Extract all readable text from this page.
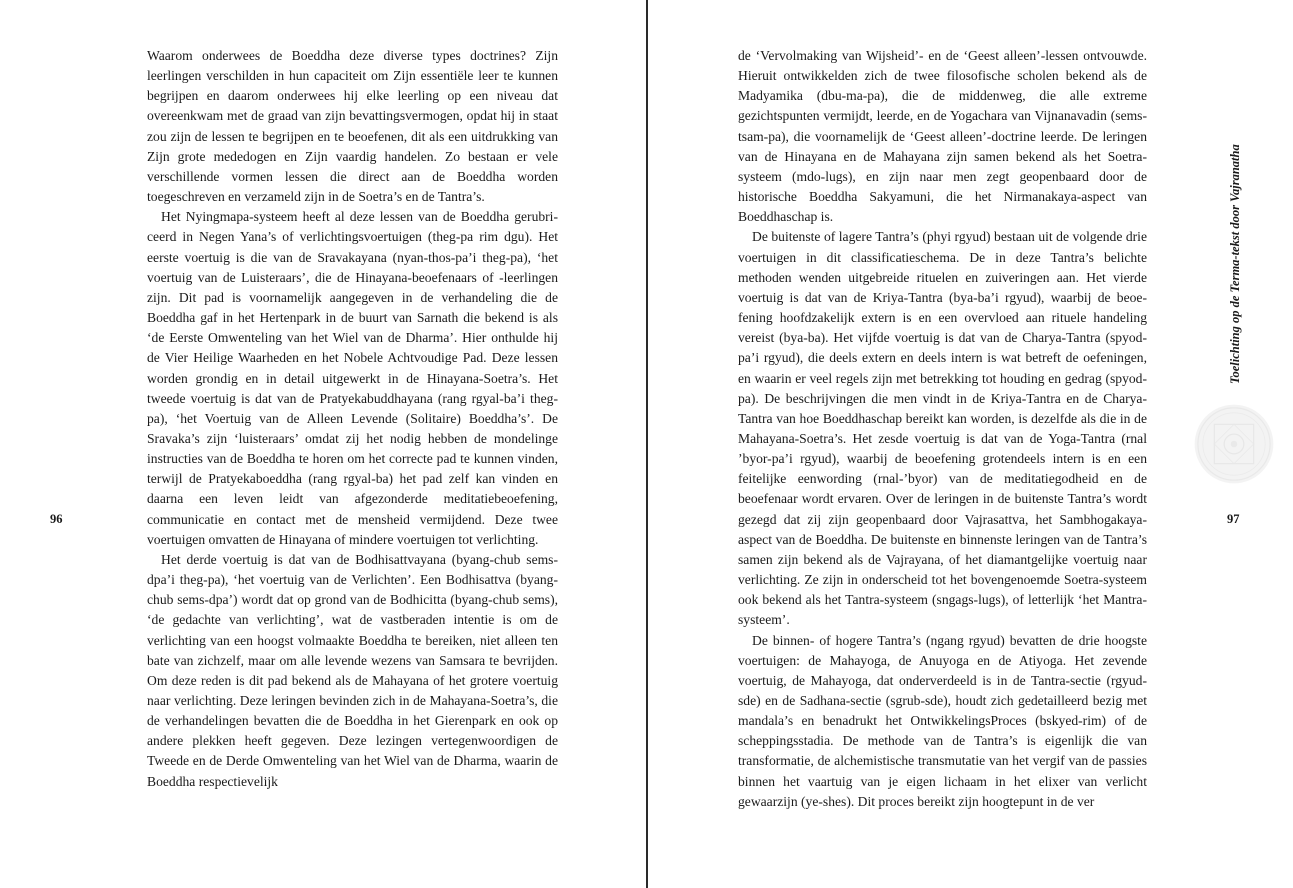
Waarom onderwees de Boeddha deze diverse types doctrines? Zijn leerlingen verschilden in hun capaciteit om Zijn essentiële leer te kunnen begrijpen en daarom onderwees hij elke leerling op een niveau dat overeenkwam met de graad van zijn bevattingsvermogen, opdat hij in staat zou zijn de lessen te begrijpen en te beoefenen, dit als een uitdrukking van Zijn grote mededogen en Zijn vaardig handelen. Zo bestaan er vele verschillende vormen lessen die direct aan de Boeddha worden toegeschreven en verzameld zijn in de Soetra’s en de Tantra’s.

Het Nyingmapa-systeem heeft al deze lessen van de Boeddha gerubriceerd in Negen Yana’s of verlichtingsvoertuigen (theg-pa rim dgu). Het eerste voertuig is die van de Sravakayana (nyan-thos-pa’i theg-pa), ‘het voertuig van de Luisteraars’, die de Hinayana-beoefenaars of -leerlingen zijn. Dit pad is voornamelijk aangegeven in de verhandeling die de Boeddha gaf in het Hertenpark in de buurt van Sarnath die bekend is als ‘de Eerste Omwenteling van het Wiel van de Dharma’. Hier onthulde hij de Vier Heilige Waarheden en het Nobele Achtvoudige Pad. Deze lessen worden grondig en in detail uitgewerkt in de Hinayana-Soetra’s. Het tweede voertuig is dat van de Pratyekabuddhayana (rang rgyal-ba’i theg-pa), ‘het Voertuig van de Alleen Levende (Solitaire) Boeddha’s’. De Sravaka’s zijn ‘luisteraars’ omdat zij het nodig hebben de mondelinge instructies van de Boeddha te horen om het correcte pad te kunnen vinden, terwijl de Pratyekaboeddha (rang rgyal-ba) het pad zelf kan vinden en daarna een leven leidt van afgezonderde meditatiebeoefening, communicatie en contact met de mensheid vermijdend. Deze twee voertuigen omvatten de Hinayana of mindere voertuigen tot verlichting.

Het derde voertuig is dat van de Bodhisattvayana (byang-chub sems-dpa’i theg-pa), ‘het voertuig van de Verlichten’. Een Bodhisattva (byang-chub sems-dpa’) wordt dat op grond van de Bodhicitta (byang-chub sems), ‘de gedachte van verlichting’, wat de vastberaden intentie is om de verlichting van een hoogst volmaakte Boeddha te bereiken, niet alleen ten bate van zichzelf, maar om alle levende wezens van Samsara te bevrijden. Om deze reden is dit pad bekend als de Mahayana of het grotere voertuig naar verlichting. Deze leringen bevinden zich in de Mahayana-Soetra’s, die de verhandelingen bevatten die de Boeddha in het Gierenpark en ook op andere plekken heeft gegeven. Deze lezingen vertegenwoordigen de Tweede en de Derde Omwenteling van het Wiel van de Dharma, waarin de Boeddha respectievelijk

96

de ‘Vervolmaking van Wijsheid’- en de ‘Geest alleen’-lessen ontvouwde. Hieruit ontwikkelden zich de twee filosofische scholen bekend als de Madyamika (dbu-ma-pa), die de middenweg, die alle extreme gezichtspunten vermijdt, leerde, en de Yogachara van Vijnanavadin (sems-tsam-pa), die voornamelijk de ‘Geest alleen’-doctrine leerde. De leringen van de Hinayana en de Mahayana zijn samen bekend als het Soetra-systeem (mdo-lugs), en zijn naar men zegt geopenbaard door de historische Boeddha Sakyamuni, die het Nirmanakaya-aspect van Boeddhaschap is.

De buitenste of lagere Tantra’s (phyi rgyud) bestaan uit de volgende drie voertuigen in dit classificatieschema. De in deze Tantra’s belichte methoden wenden uitgebreide rituelen en zuiveringen aan. Het vierde voertuig is dat van de Kriya-Tantra (bya-ba’i rgyud), waarbij de beoefening hoofdzakelijk extern is en een overvloed aan rituele handeling vereist (bya-ba). Het vijfde voertuig is dat van de Charya-Tantra (spyod-pa’i rgyud), die deels extern en deels intern is wat betreft de oefeningen, en waarin er veel regels zijn met betrekking tot houding en gedrag (spyod-pa). De beschrijvingen die men vindt in de Kriya-Tantra en de Charya-Tantra van hoe Boeddhaschap bereikt kan worden, is dezelfde als die in de Mahayana-Soetra’s. Het zesde voertuig is dat van de Yoga-Tantra (rnal ’byor-pa’i rgyud), waarbij de beoefening grotendeels intern is en een feitelijke eenwording (rnal-’byor) van de meditatiegodheid en de beoefenaar wordt ervaren. Over de leringen in de buitenste Tantra’s wordt gezegd dat zij zijn geopenbaard door Vajrasattva, het Sambhogakaya-aspect van de Boeddha. De buitenste en binnenste leringen van de Tantra’s samen zijn bekend als de Vajrayana, of het diamantgelijke voertuig naar verlichting. Ze zijn in onderscheid tot het bovengenoemde Soetra-systeem ook bekend als het Tantra-systeem (sngags-lugs), of letterlijk ‘het Mantra-systeem’.

De binnen- of hogere Tantra’s (ngang rgyud) bevatten de drie hoogste voertuigen: de Mahayoga, de Anuyoga en de Atiyoga. Het zevende voertuig, de Mahayoga, dat onderverdeeld is in de Tantra-sectie (rgyud-sde) en de Sadhana-sectie (sgrub-sde), houdt zich gedetailleerd bezig met mandala’s en benadrukt het OntwikkelingsProces (bskyed-rim) of de scheppingsstadia. De methode van de Tantra’s is eigenlijk die van transformatie, de alchemistische transmutatie van het vergif van de passies binnen het vaartuig van je eigen lichaam in het elixer van verlicht gewaarzijn (ye-shes). Dit proces bereikt zijn hoogtepunt in de ver

Toelichting op de Terma-tekst door Vajranatha
97
